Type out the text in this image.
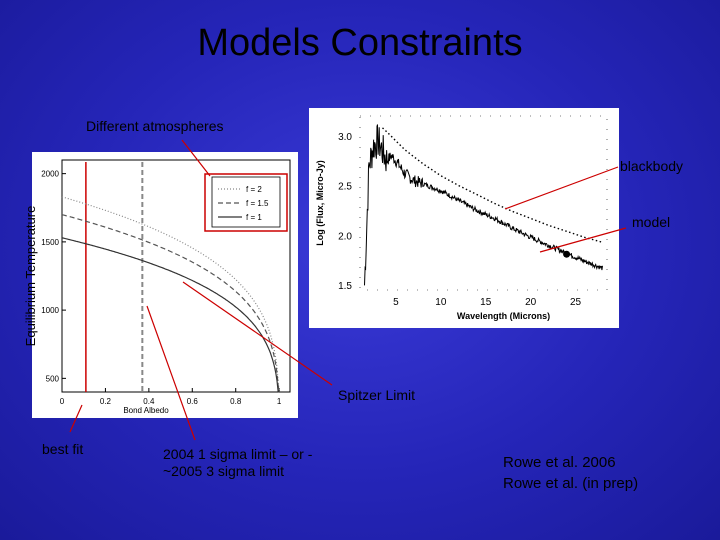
Models Constraints
0	0.2	0.4	0.6	0.8	1
500
1000
1500
2000
Bond Albedo
Equilibrium Temperature
f = 2
f = 1.5
f = 1
5	10	15	20	25
1.5
2.0
2.5
3.0
Wavelength (Microns)
Log (Flux, Micro-Jy)
Different atmospheres
blackbody
model
Spitzer Limit
best fit	2004 1 sigma limit – or -
~2005 3 sigma limit	Rowe et al. 2006
Rowe et al. (in prep)
